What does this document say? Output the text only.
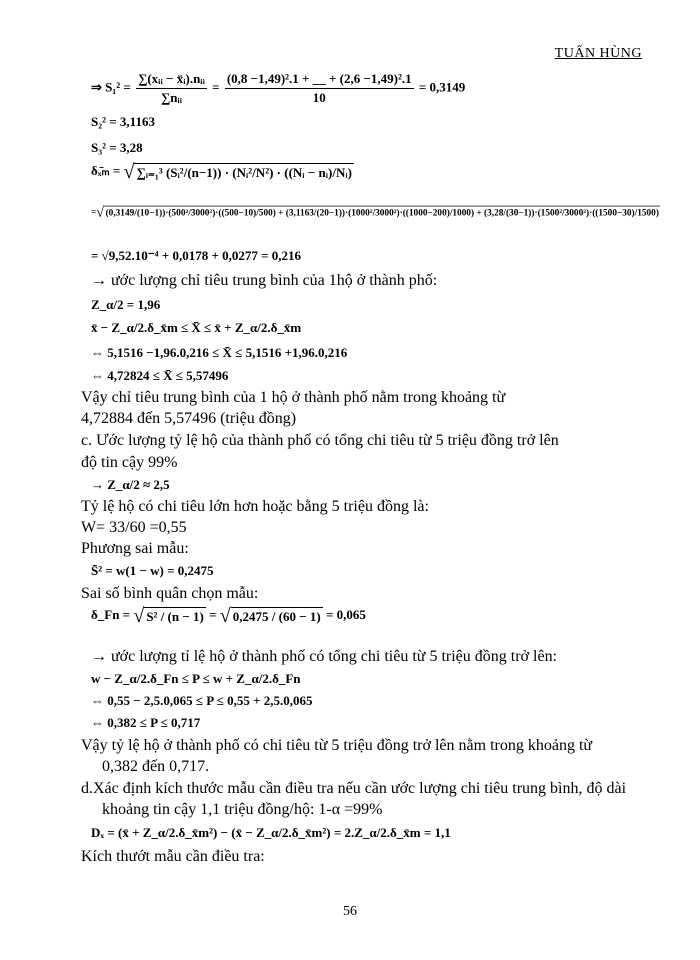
TUẤN HÙNG
⇒ $S_1^2 = \frac{\text{∑(xᵢᵢ − x̄ᵢ).nᵢᵢ}}{\text{∑nᵢᵢ}} = \frac{\text{(0,8 −1,49)².1 + \_\_ + (2,6 −1,49)².1}}{10} = 0,3149$
S₂² = 3,1163
S₃² = 3,28
δₓ̄ₘ = √ ∑ᵢ₌₁³ (Sᵢ²/(n−1)) · (Nᵢ²/N²) · ((Nᵢ − nᵢ)/Nᵢ)
=√(0,3149/(10−1))·(500²/3000²)·((500−10)/500) + (3,1163/(20−1))·(1000²/3000²)·((1000−200)/1000) + (3,28/(30−1))·(1500²/3000²)·((1500−30)/1500)
= √9,52.10⁻⁴ + 0,0178 + 0,0277 = 0,216
→ ước lượng chỉ tiêu trung bình của 1hộ ở thành phố:
Z_α/2 = 1,96
x̄ − Z_α/2.δ_x̄m ≤ X̄ ≤ x̄ + Z_α/2.δ_x̄m
⇔ 5,1516 −1,96.0,216 ≤ X̄ ≤ 5,1516 +1,96.0,216
⇔ 4,72824 ≤ X̄ ≤ 5,57496
Vậy chỉ tiêu trung bình của 1 hộ ở thành phố nằm trong khoảng từ
4,72884 đến 5,57496 (triệu đồng)
c. Ước lượng tỷ lệ hộ của thành phố có tổng chi tiêu từ 5 triệu đồng trở lên
độ tin cậy 99%
→ Z_α/2 ≈ 2,5
Tỷ lệ hộ có chi tiêu lớn hơn hoặc bằng 5 triệu đồng là:
W= 33/60 =0,55
Phương sai mẫu:
S̄² = w(1 − w) = 0,2475
Sai số bình quân chọn mẫu:
δ_Fn = √ S² / (n − 1) = √ 0,2475 / (60 − 1) = 0,065
→ ước lượng tỉ lệ hộ ở thành phố có tổng chi tiêu từ 5 triệu đồng trở lên:
w − Z_α/2.δ_Fn ≤ P ≤ w + Z_α/2.δ_Fn
⇔ 0,55 − 2,5.0,065 ≤ P ≤ 0,55 + 2,5.0,065
⇔ 0,382 ≤ P ≤ 0,717
Vậy tỷ lệ hộ ở thành phố có chi tiêu từ 5 triệu đồng trở lên nằm trong khoảng từ
0,382 đến 0,717.
d.Xác định kích thước mẫu cần điều tra nếu cần ước lượng chi tiêu trung bình, độ dài
khoảng tin cậy 1,1 triệu đồng/hộ: 1-α =99%
Dₓ = (x̄ + Z_α/2.δ_x̄m²) − (x̄ − Z_α/2.δ_x̄m²) = 2.Z_α/2.δ_x̄m = 1,1
Kích thướt mẫu cần điều tra:
56
